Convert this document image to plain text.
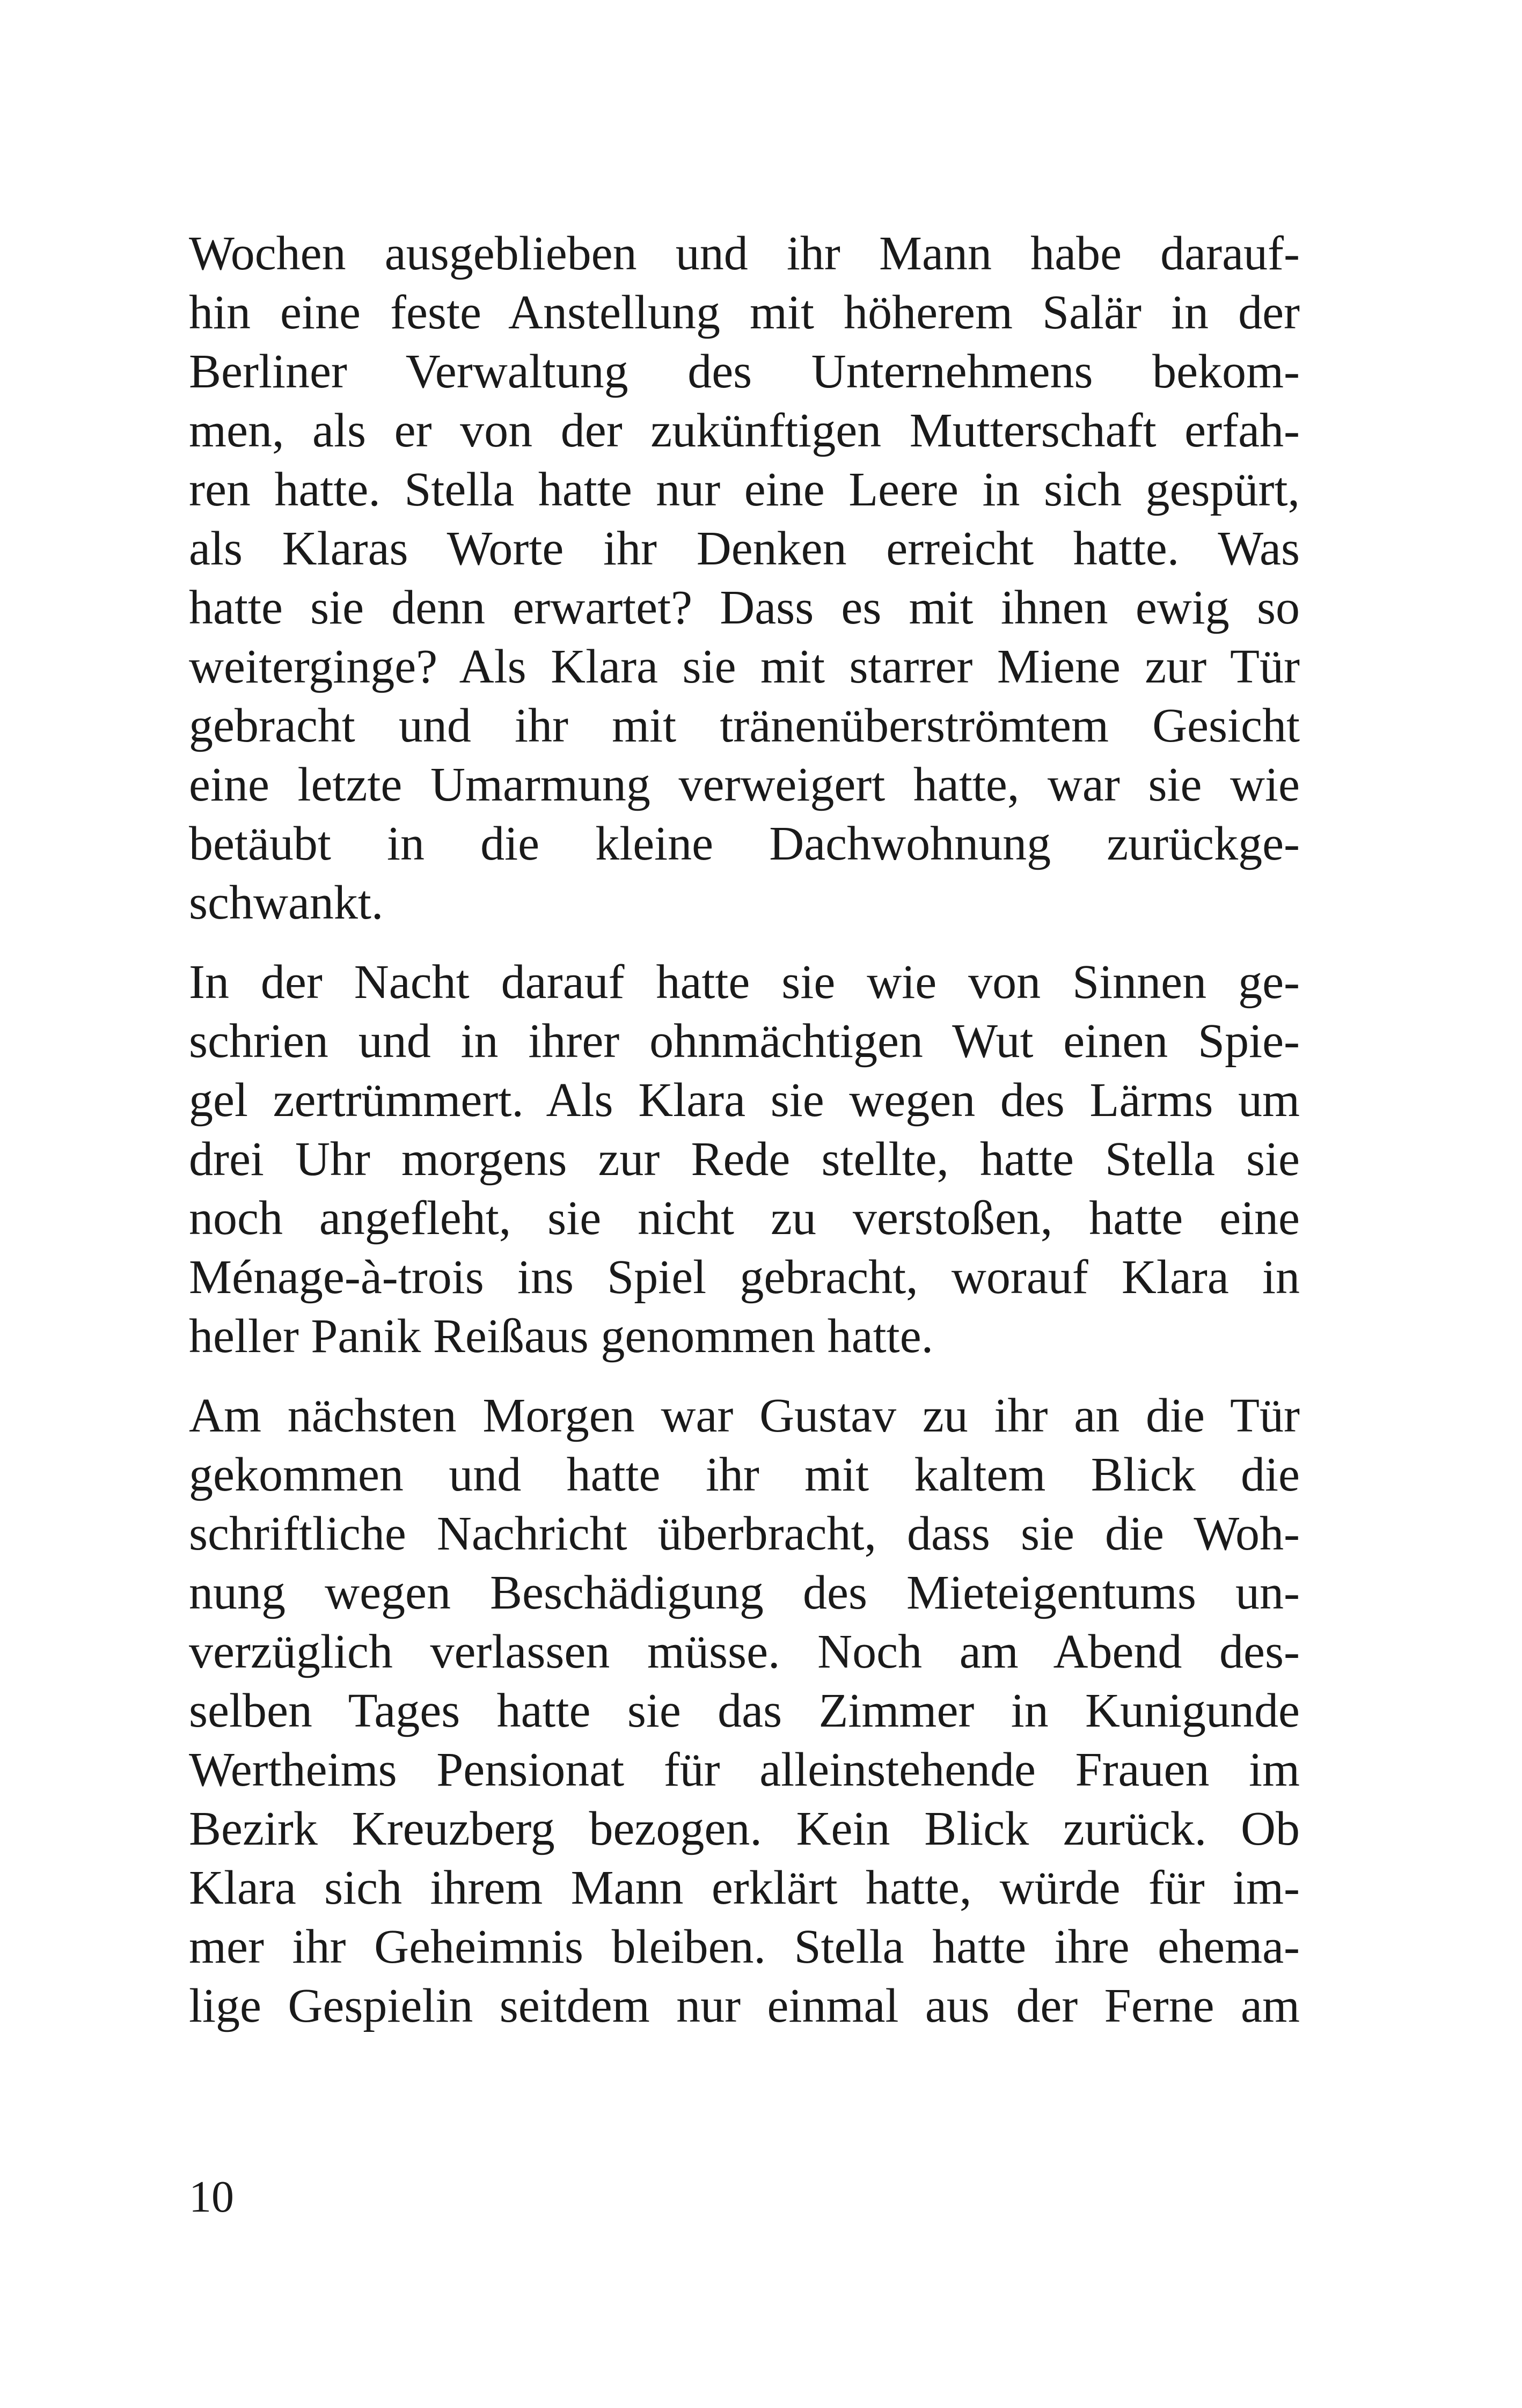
Wochen ausgeblieben und ihr Mann habe darauf-
hin eine feste Anstellung mit höherem Salär in der
Berliner Verwaltung des Unternehmens bekom-
men, als er von der zukünftigen Mutterschaft erfah-
ren hatte. Stella hatte nur eine Leere in sich gespürt,
als Klaras Worte ihr Denken erreicht hatte. Was
hatte sie denn erwartet? Dass es mit ihnen ewig so
weiterginge? Als Klara sie mit starrer Miene zur Tür
gebracht und ihr mit tränenüberströmtem Gesicht
eine letzte Umarmung verweigert hatte, war sie wie
betäubt in die kleine Dachwohnung zurückge-
schwankt.

In der Nacht darauf hatte sie wie von Sinnen ge-
schrien und in ihrer ohnmächtigen Wut einen Spie-
gel zertrümmert. Als Klara sie wegen des Lärms um
drei Uhr morgens zur Rede stellte, hatte Stella sie
noch angefleht, sie nicht zu verstoßen, hatte eine
Ménage-à-trois ins Spiel gebracht, worauf Klara in
heller Panik Reißaus genommen hatte.

Am nächsten Morgen war Gustav zu ihr an die Tür
gekommen und hatte ihr mit kaltem Blick die
schriftliche Nachricht überbracht, dass sie die Woh-
nung wegen Beschädigung des Mieteigentums un-
verzüglich verlassen müsse. Noch am Abend des-
selben Tages hatte sie das Zimmer in Kunigunde
Wertheims Pensionat für alleinstehende Frauen im
Bezirk Kreuzberg bezogen. Kein Blick zurück. Ob
Klara sich ihrem Mann erklärt hatte, würde für im-
mer ihr Geheimnis bleiben. Stella hatte ihre ehema-
lige Gespielin seitdem nur einmal aus der Ferne am

10
